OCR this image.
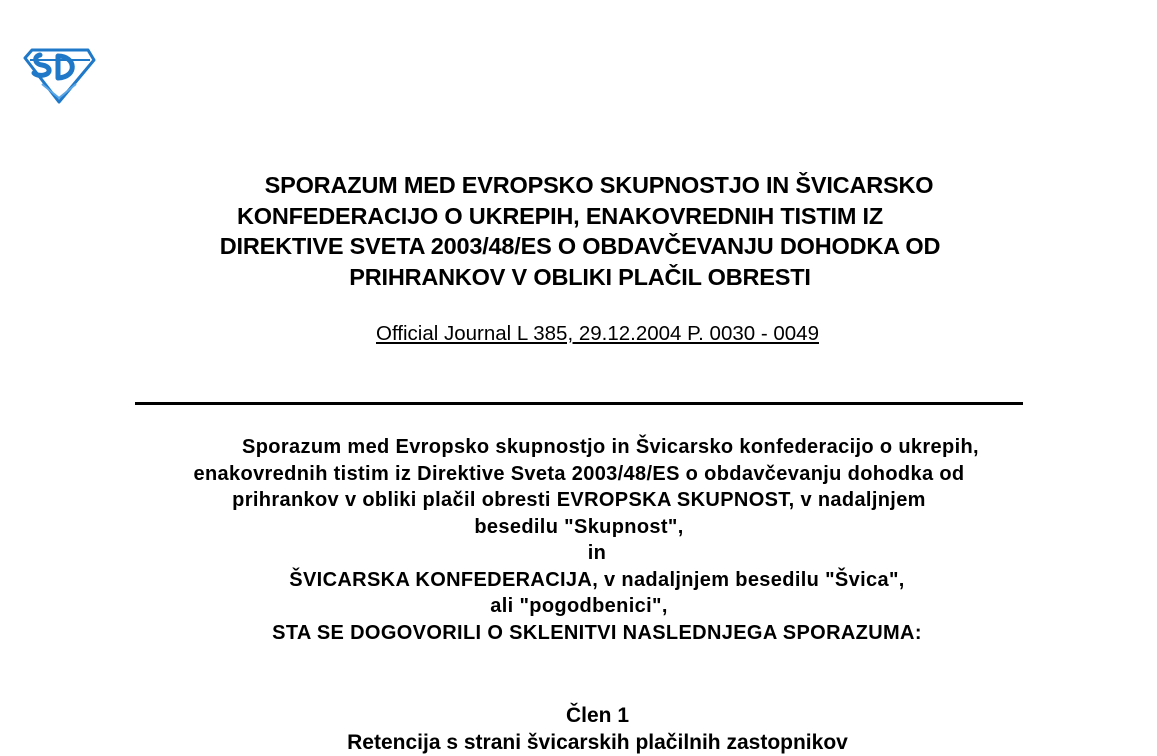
SPORAZUM MED EVROPSKO SKUPNOSTJO IN ŠVICARSKO
KONFEDERACIJO O UKREPIH, ENAKOVREDNIH TISTIM IZ
DIREKTIVE SVETA 2003/48/ES O OBDAVČEVANJU DOHODKA OD
PRIHRANKOV V OBLIKI PLAČIL OBRESTI
Official Journal L 385, 29.12.2004 P. 0030 - 0049
Sporazum med Evropsko skupnostjo in Švicarsko konfederacijo o ukrepih,
enakovrednih tistim iz Direktive Sveta 2003/48/ES o obdavčevanju dohodka od
prihrankov v obliki plačil obresti EVROPSKA SKUPNOST, v nadaljnjem
besedilu "Skupnost",
in
ŠVICARSKA KONFEDERACIJA, v nadaljnjem besedilu "Švica",
ali "pogodbenici",
STA SE DOGOVORILI O SKLENITVI NASLEDNJEGA SPORAZUMA:
Člen 1
Retencija s strani švicarskih plačilnih zastopnikov
